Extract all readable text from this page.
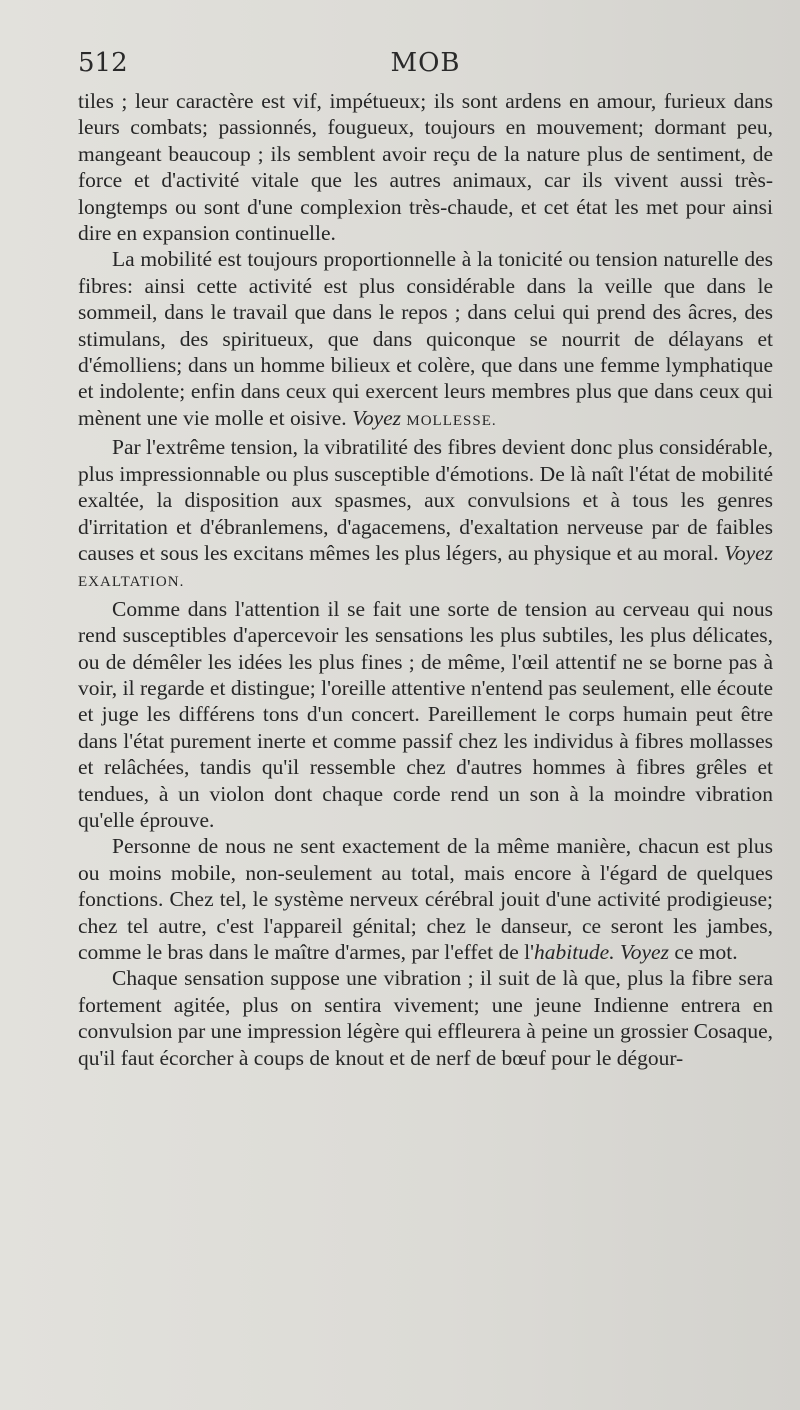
512	MOB

tiles ; leur caractère est vif, impétueux; ils sont ardens en amour, furieux dans leurs combats; passionnés, fougueux, toujours en mouvement; dormant peu, mangeant beaucoup ; ils semblent avoir reçu de la nature plus de sentiment, de force et d'activité vitale que les autres animaux, car ils vivent aussi très-longtemps ou sont d'une complexion très-chaude, et cet état les met pour ainsi dire en expansion continuelle.

La mobilité est toujours proportionnelle à la tonicité ou tension naturelle des fibres: ainsi cette activité est plus considérable dans la veille que dans le sommeil, dans le travail que dans le repos ; dans celui qui prend des âcres, des stimulans, des spiritueux, que dans quiconque se nourrit de délayans et d'émolliens; dans un homme bilieux et colère, que dans une femme lymphatique et indolente; enfin dans ceux qui exercent leurs membres plus que dans ceux qui mènent une vie molle et oisive. Voyez MOLLESSE.

Par l'extrême tension, la vibratilité des fibres devient donc plus considérable, plus impressionnable ou plus susceptible d'émotions. De là naît l'état de mobilité exaltée, la disposition aux spasmes, aux convulsions et à tous les genres d'irritation et d'ébranlemens, d'agacemens, d'exaltation nerveuse par de faibles causes et sous les excitans mêmes les plus légers, au physique et au moral. Voyez EXALTATION.

Comme dans l'attention il se fait une sorte de tension au cerveau qui nous rend susceptibles d'apercevoir les sensations les plus subtiles, les plus délicates, ou de démêler les idées les plus fines ; de même, l'œil attentif ne se borne pas à voir, il regarde et distingue; l'oreille attentive n'entend pas seulement, elle écoute et juge les différens tons d'un concert. Pareillement le corps humain peut être dans l'état purement inerte et comme passif chez les individus à fibres mollasses et relâchées, tandis qu'il ressemble chez d'autres hommes à fibres grêles et tendues, à un violon dont chaque corde rend un son à la moindre vibration qu'elle éprouve.

Personne de nous ne sent exactement de la même manière, chacun est plus ou moins mobile, non-seulement au total, mais encore à l'égard de quelques fonctions. Chez tel, le système nerveux cérébral jouit d'une activité prodigieuse; chez tel autre, c'est l'appareil génital; chez le danseur, ce seront les jambes, comme le bras dans le maître d'armes, par l'effet de l'habitude. Voyez ce mot.

Chaque sensation suppose une vibration ; il suit de là que, plus la fibre sera fortement agitée, plus on sentira vivement; une jeune Indienne entrera en convulsion par une impression légère qui effleurera à peine un grossier Cosaque, qu'il faut écorcher à coups de knout et de nerf de bœuf pour le dégour-
